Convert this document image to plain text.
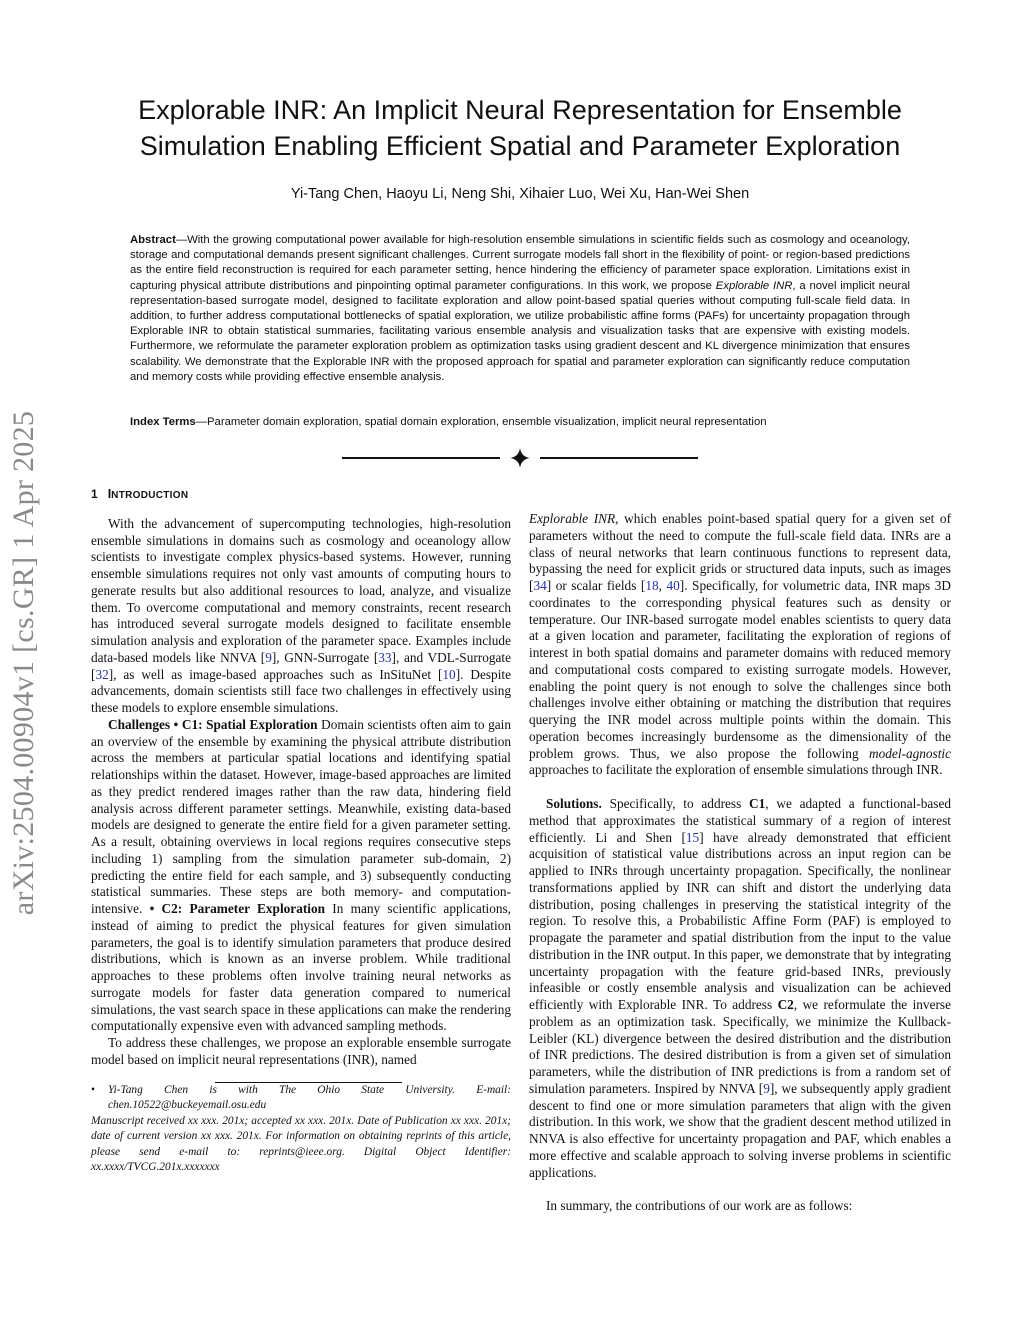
arXiv:2504.00904v1 [cs.GR] 1 Apr 2025
Explorable INR: An Implicit Neural Representation for Ensemble
Simulation Enabling Efficient Spatial and Parameter Exploration
Yi-Tang Chen, Haoyu Li, Neng Shi, Xihaier Luo, Wei Xu, Han-Wei Shen
Abstract—With the growing computational power available for high-resolution ensemble simulations in scientific fields such as cosmology and oceanology, storage and computational demands present significant challenges. Current surrogate models fall short in the flexibility of point- or region-based predictions as the entire field reconstruction is required for each parameter setting, hence hindering the efficiency of parameter space exploration. Limitations exist in capturing physical attribute distributions and pinpointing optimal parameter configurations. In this work, we propose Explorable INR, a novel implicit neural representation-based surrogate model, designed to facilitate exploration and allow point-based spatial queries without computing full-scale field data. In addition, to further address computational bottlenecks of spatial exploration, we utilize probabilistic affine forms (PAFs) for uncertainty propagation through Explorable INR to obtain statistical summaries, facilitating various ensemble analysis and visualization tasks that are expensive with existing models. Furthermore, we reformulate the parameter exploration problem as optimization tasks using gradient descent and KL divergence minimization that ensures scalability. We demonstrate that the Explorable INR with the proposed approach for spatial and parameter exploration can significantly reduce computation and memory costs while providing effective ensemble analysis.
Index Terms—Parameter domain exploration, spatial domain exploration, ensemble visualization, implicit neural representation
1 INTRODUCTION

With the advancement of supercomputing technologies, high-resolution ensemble simulations in domains such as cosmology and oceanology allow scientists to investigate complex physics-based systems. However, running ensemble simulations requires not only vast amounts of computing hours to generate results but also additional resources to load, analyze, and visualize them. To overcome computational and memory constraints, recent research has introduced several surrogate models designed to facilitate ensemble simulation analysis and exploration of the parameter space. Examples include data-based models like NNVA [9], GNN-Surrogate [33], and VDL-Surrogate [32], as well as image-based approaches such as InSituNet [10]. Despite advancements, domain scientists still face two challenges in effectively using these models to explore ensemble simulations.

Challenges • C1: Spatial Exploration Domain scientists often aim to gain an overview of the ensemble by examining the physical attribute distribution across the members at particular spatial locations and identifying spatial relationships within the dataset. However, image-based approaches are limited as they predict rendered images rather than the raw data, hindering field analysis across different parameter settings. Meanwhile, existing data-based models are designed to generate the entire field for a given parameter setting. As a result, obtaining overviews in local regions requires consecutive steps including 1) sampling from the simulation parameter sub-domain, 2) predicting the entire field for each sample, and 3) subsequently conducting statistical summaries. These steps are both memory- and computation-intensive. • C2: Parameter Exploration In many scientific applications, instead of aiming to predict the physical features for given simulation parameters, the goal is to identify simulation parameters that produce desired distributions, which is known as an inverse problem. While traditional approaches to these problems often involve training neural networks as surrogate models for faster data generation compared to numerical simulations, the vast search space in these applications can make the rendering computationally expensive even with advanced sampling methods.

To address these challenges, we propose an explorable ensemble surrogate model based on implicit neural representations (INR), named

• Yi-Tang Chen is with The Ohio State University. E-mail: chen.10522@buckeyemail.osu.edu

Manuscript received xx xxx. 201x; accepted xx xxx. 201x. Date of Publication xx xxx. 201x; date of current version xx xxx. 201x. For information on obtaining reprints of this article, please send e-mail to: reprints@ieee.org. Digital Object Identifier: xx.xxxx/TVCG.201x.xxxxxxx

Explorable INR, which enables point-based spatial query for a given set of parameters without the need to compute the full-scale field data. INRs are a class of neural networks that learn continuous functions to represent data, bypassing the need for explicit grids or structured data inputs, such as images [34] or scalar fields [18, 40]. Specifically, for volumetric data, INR maps 3D coordinates to the corresponding physical features such as density or temperature. Our INR-based surrogate model enables scientists to query data at a given location and parameter, facilitating the exploration of regions of interest in both spatial domains and parameter domains with reduced memory and computational costs compared to existing surrogate models. However, enabling the point query is not enough to solve the challenges since both challenges involve either obtaining or matching the distribution that requires querying the INR model across multiple points within the domain. This operation becomes increasingly burdensome as the dimensionality of the problem grows. Thus, we also propose the following model-agnostic approaches to facilitate the exploration of ensemble simulations through INR.

Solutions. Specifically, to address C1, we adapted a functional-based method that approximates the statistical summary of a region of interest efficiently. Li and Shen [15] have already demonstrated that efficient acquisition of statistical value distributions across an input region can be applied to INRs through uncertainty propagation. Specifically, the nonlinear transformations applied by INR can shift and distort the underlying data distribution, posing challenges in preserving the statistical integrity of the region. To resolve this, a Probabilistic Affine Form (PAF) is employed to propagate the parameter and spatial distribution from the input to the value distribution in the INR output. In this paper, we demonstrate that by integrating uncertainty propagation with the feature grid-based INRs, previously infeasible or costly ensemble analysis and visualization can be achieved efficiently with Explorable INR. To address C2, we reformulate the inverse problem as an optimization task. Specifically, we minimize the Kullback-Leibler (KL) divergence between the desired distribution and the distribution of INR predictions. The desired distribution is from a given set of simulation parameters, while the distribution of INR predictions is from a random set of simulation parameters. Inspired by NNVA [9], we subsequently apply gradient descent to find one or more simulation parameters that align with the given distribution. In this work, we show that the gradient descent method utilized in NNVA is also effective for uncertainty propagation and PAF, which enables a more effective and scalable approach to solving inverse problems in scientific applications.

In summary, the contributions of our work are as follows:
